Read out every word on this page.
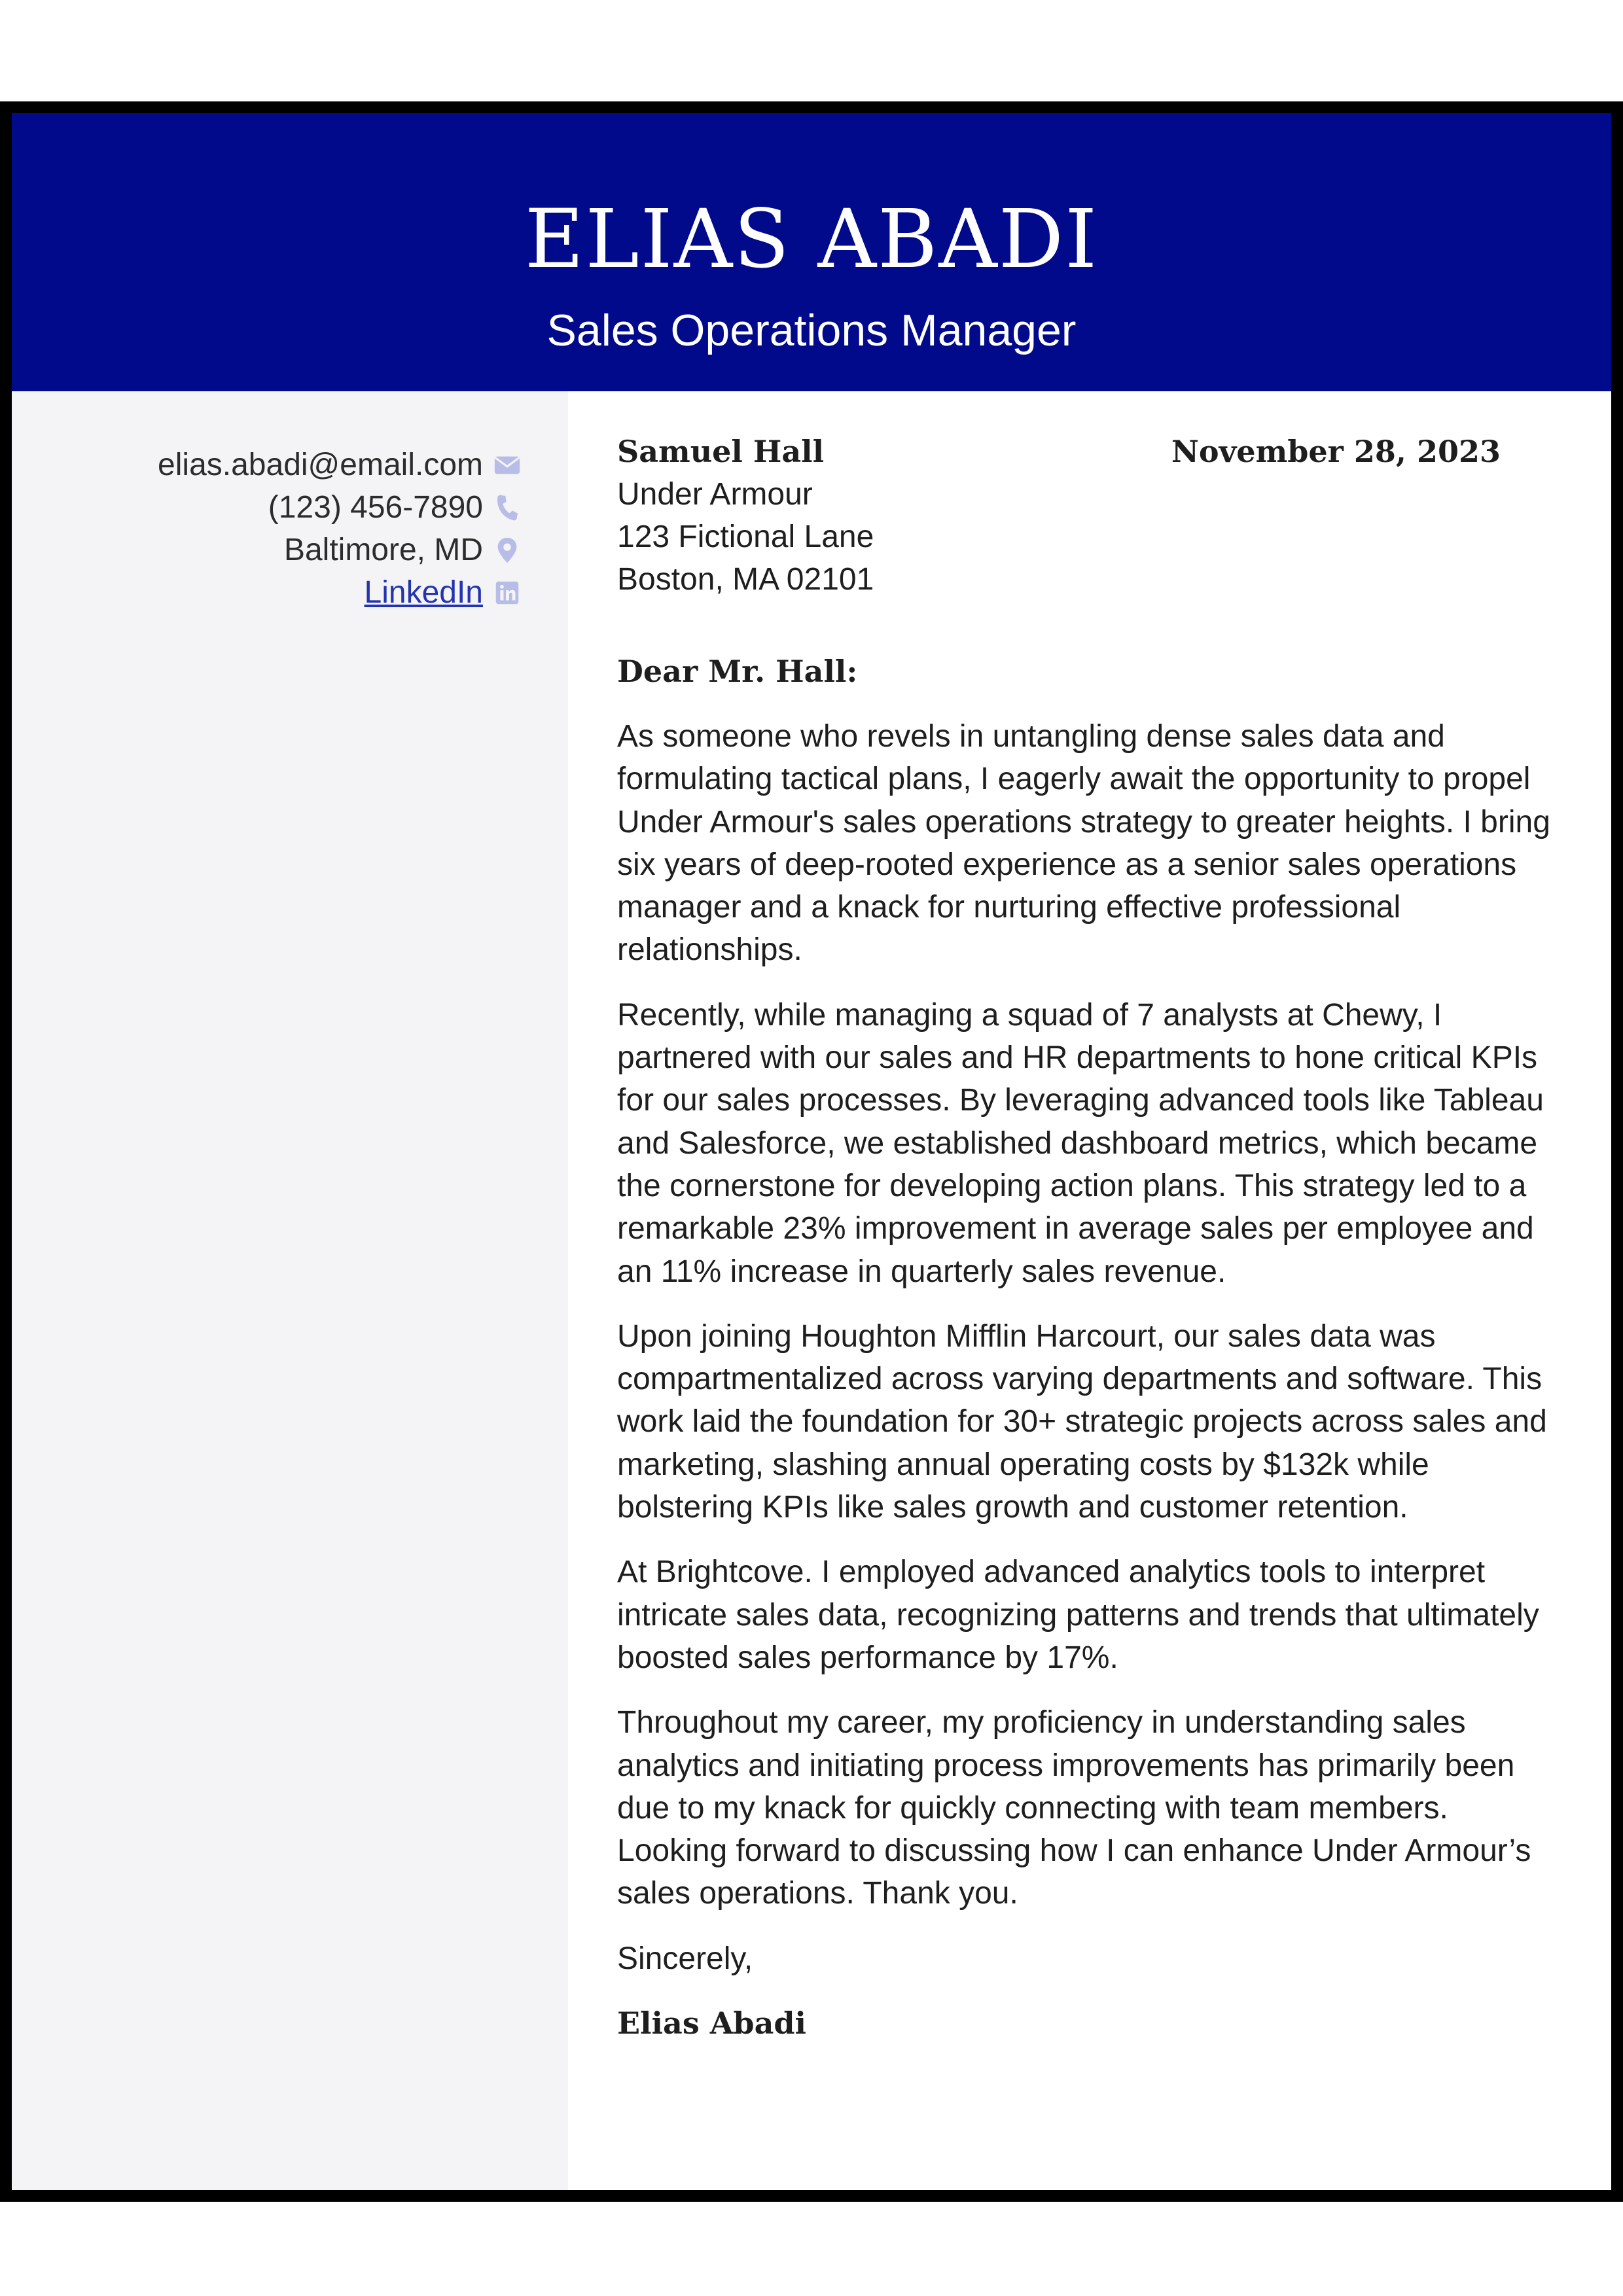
ELIAS ABADI
Sales Operations Manager
elias.abadi@email.com
(123) 456-7890
Baltimore, MD
LinkedIn
Samuel Hall
Under Armour
123 Fictional Lane
Boston, MA 02101
November 28, 2023
Dear Mr. Hall:
As someone who revels in untangling dense sales data and formulating tactical plans, I eagerly await the opportunity to propel Under Armour's sales operations strategy to greater heights. I bring six years of deep-rooted experience as a senior sales operations manager and a knack for nurturing effective professional relationships.
Recently, while managing a squad of 7 analysts at Chewy, I partnered with our sales and HR departments to hone critical KPIs for our sales processes. By leveraging advanced tools like Tableau and Salesforce, we established dashboard metrics, which became the cornerstone for developing action plans. This strategy led to a remarkable 23% improvement in average sales per employee and an 11% increase in quarterly sales revenue.
Upon joining Houghton Mifflin Harcourt, our sales data was compartmentalized across varying departments and software. This work laid the foundation for 30+ strategic projects across sales and marketing, slashing annual operating costs by $132k while bolstering KPIs like sales growth and customer retention.
At Brightcove. I employed advanced analytics tools to interpret intricate sales data, recognizing patterns and trends that ultimately boosted sales performance by 17%.
Throughout my career, my proficiency in understanding sales analytics and initiating process improvements has primarily been due to my knack for quickly connecting with team members. Looking forward to discussing how I can enhance Under Armour’s sales operations. Thank you.
Sincerely,
Elias Abadi
